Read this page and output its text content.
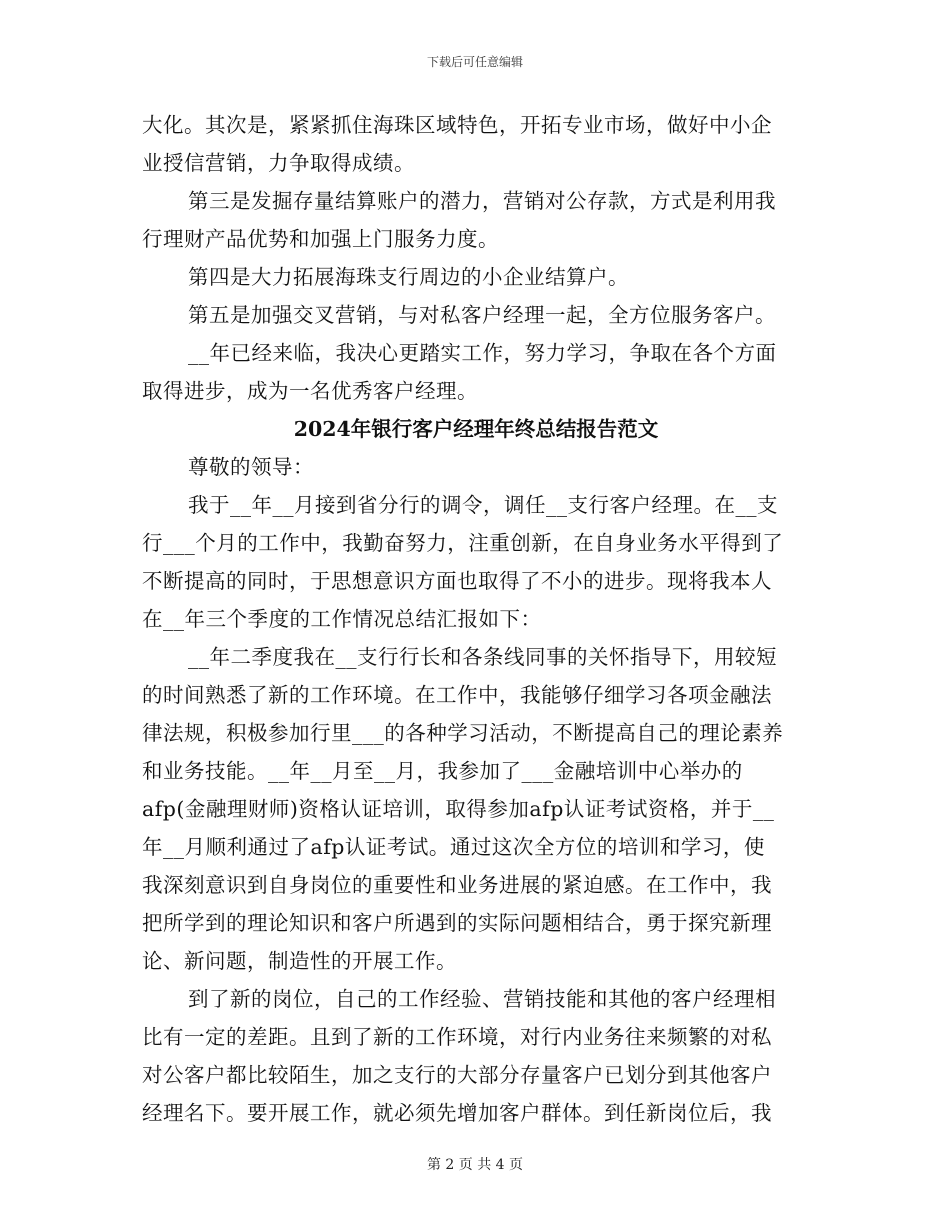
下载后可任意编辑
大化。其次是，紧紧抓住海珠区域特色，开拓专业市场，做好中小企
业授信营销，力争取得成绩。
第三是发掘存量结算账户的潜力，营销对公存款，方式是利用我
行理财产品优势和加强上门服务力度。
第四是大力拓展海珠支行周边的小企业结算户。
第五是加强交叉营销，与对私客户经理一起，全方位服务客户。
__年已经来临，我决心更踏实工作，努力学习，争取在各个方面
取得进步，成为一名优秀客户经理。
2024年银行客户经理年终总结报告范文
尊敬的领导：
我于__年__月接到省分行的调令，调任__支行客户经理。在__支
行___个月的工作中，我勤奋努力，注重创新，在自身业务水平得到了
不断提高的同时，于思想意识方面也取得了不小的进步。现将我本人
在__年三个季度的工作情况总结汇报如下：
__年二季度我在__支行行长和各条线同事的关怀指导下，用较短
的时间熟悉了新的工作环境。在工作中，我能够仔细学习各项金融法
律法规，积极参加行里___的各种学习活动，不断提高自己的理论素养
和业务技能。__年__月至__月，我参加了___金融培训中心举办的
afp(金融理财师)资格认证培训，取得参加afp认证考试资格，并于__
年__月顺利通过了afp认证考试。通过这次全方位的培训和学习，使
我深刻意识到自身岗位的重要性和业务进展的紧迫感。在工作中，我
把所学到的理论知识和客户所遇到的实际问题相结合，勇于探究新理
论、新问题，制造性的开展工作。
到了新的岗位，自己的工作经验、营销技能和其他的客户经理相
比有一定的差距。且到了新的工作环境，对行内业务往来频繁的对私
对公客户都比较陌生，加之支行的大部分存量客户已划分到其他客户
经理名下。要开展工作，就必须先增加客户群体。到任新岗位后，我
第 2 页 共 4 页
